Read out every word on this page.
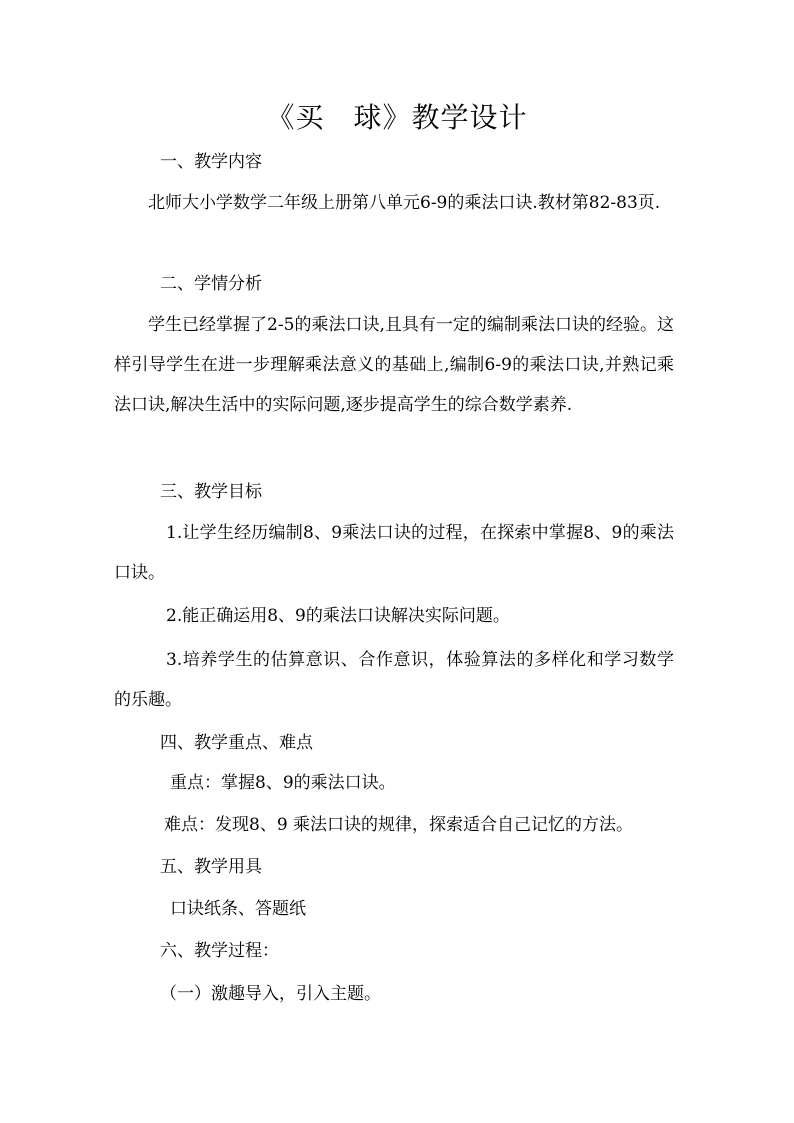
《买　球》教学设计
一、教学内容
北师大小学数学二年级上册第八单元6-9的乘法口诀.教材第82-83页.
二、学情分析
学生已经掌握了2-5的乘法口诀,且具有一定的编制乘法口诀的经验。这样引导学生在进一步理解乘法意义的基础上,编制6-9的乘法口诀,并熟记乘法口诀,解决生活中的实际问题,逐步提高学生的综合数学素养.
三、教学目标
1.让学生经历编制8、9乘法口诀的过程，在探索中掌握8、9的乘法口诀。
2.能正确运用8、9的乘法口诀解决实际问题。
3.培养学生的估算意识、合作意识，体验算法的多样化和学习数学的乐趣。
四、教学重点、难点
重点：掌握8、9的乘法口诀。
难点：发现8、9 乘法口诀的规律，探索适合自己记忆的方法。
五、教学用具
口诀纸条、答题纸
六、教学过程：
（一）激趣导入，引入主题。
